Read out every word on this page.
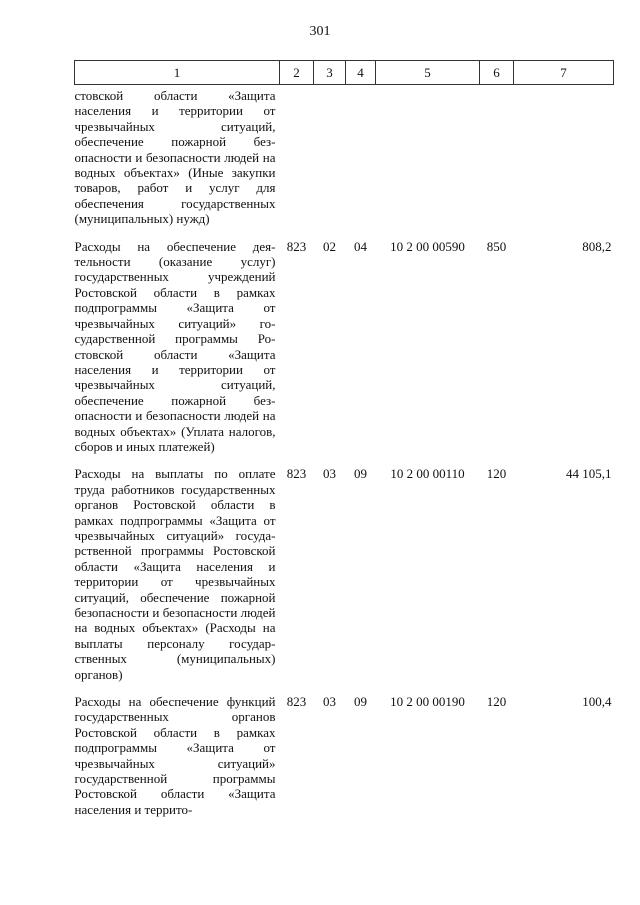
301
1	2	3	4	5	6	7
стовской области «Защита населения и территории от чрезвычайных ситуаций, обеспечение пожарной безопасности и безопасности людей на водных объектах» (Иные закупки товаров, работ и услуг для обеспечения государственных (муниципальных) нужд)						
Расходы на обеспечение деятельности (оказание услуг) государственных учреждений Ростовской области в рамках подпрограммы «Защита от чрезвычайных ситуаций» государственной программы Ростовской области «Защита населения и территории от чрезвычайных ситуаций, обеспечение пожарной безопасности и безопасности людей на водных объектах» (Уплата налогов, сборов и иных платежей)	823	02	04	10 2 00 00590	850	808,2
Расходы на выплаты по оплате труда работников государственных органов Ростовской области в рамках подпрограммы «Защита от чрезвычайных ситуаций» государственной программы Ростовской области «Защита населения и территории от чрезвычайных ситуаций, обеспечение пожарной безопасности и безопасности людей на водных объектах» (Расходы на выплаты персоналу государственных (муниципальных) органов)	823	03	09	10 2 00 00110	120	44 105,1
Расходы на обеспечение функций государственных органов Ростовской области в рамках подпрограммы «Защита от чрезвычайных ситуаций» государственной программы Ростовской области «Защита населения и террито-	823	03	09	10 2 00 00190	120	100,4
